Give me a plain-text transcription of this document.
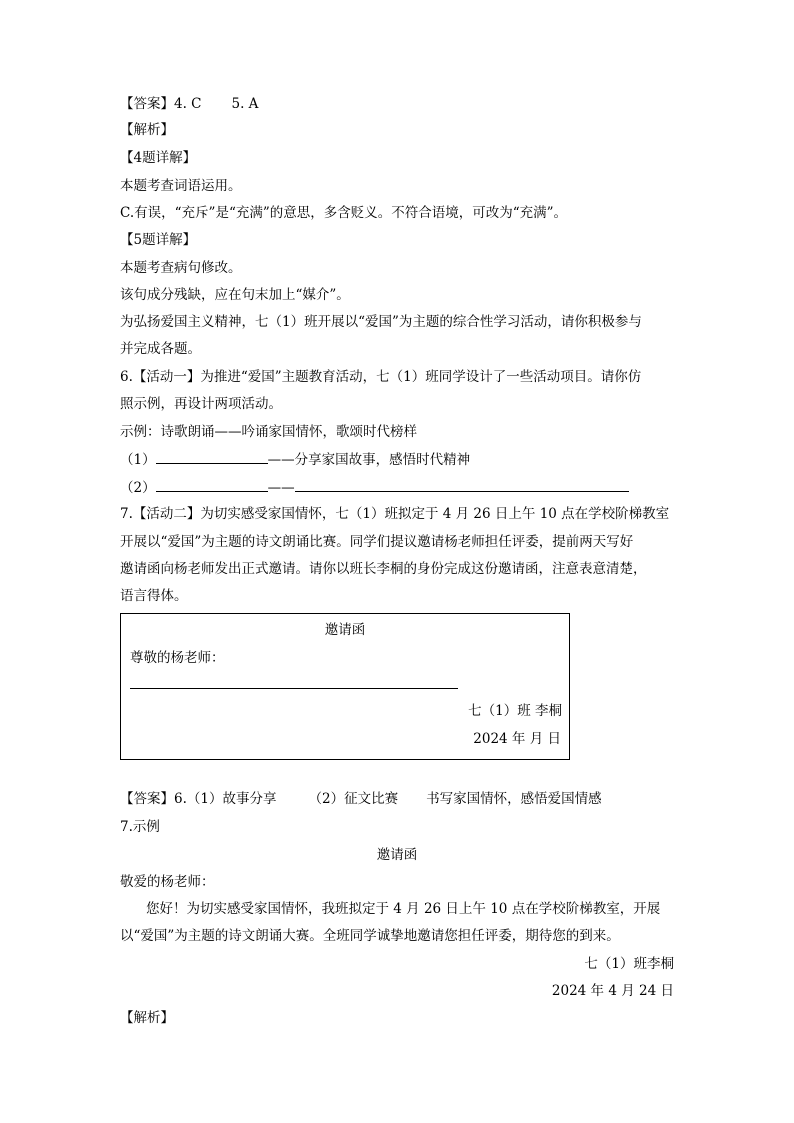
【答案】4. C 5. A
【解析】
【4题详解】
本题考查词语运用。
C.有误，“充斥”是“充满”的意思，多含贬义。不符合语境，可改为“充满”。
【5题详解】
本题考查病句修改。
该句成分残缺，应在句末加上“媒介”。
为弘扬爱国主义精神，七（1）班开展以“爱国”为主题的综合性学习活动，请你积极参与
并完成各题。
6.【活动一】为推进“爱国”主题教育活动，七（1）班同学设计了一些活动项目。请你仿
照示例，再设计两项活动。
示例：诗歌朗诵——吟诵家国情怀，歌颂时代榜样
（1）	——分享家国故事，感悟时代精神
（2）	——
7.【活动二】为切实感受家国情怀，七（1）班拟定于 4 月 26 日上午 10 点在学校阶梯教室
开展以“爱国”为主题的诗文朗诵比赛。同学们提议邀请杨老师担任评委，提前两天写好
邀请函向杨老师发出正式邀请。请你以班长李桐的身份完成这份邀请函，注意表意清楚，
语言得体。
邀请函
尊敬的杨老师：
七（1）班 李桐
2024 年 月 日
【答案】6.（1）故事分享 （2）征文比赛 书写家国情怀，感悟爱国情感
7.示例
邀请函
敬爱的杨老师：
您好！为切实感受家国情怀，我班拟定于 4 月 26 日上午 10 点在学校阶梯教室，开展
以“爱国”为主题的诗文朗诵大赛。全班同学诚挚地邀请您担任评委，期待您的到来。
七（1）班李桐
2024 年 4 月 24 日
【解析】
